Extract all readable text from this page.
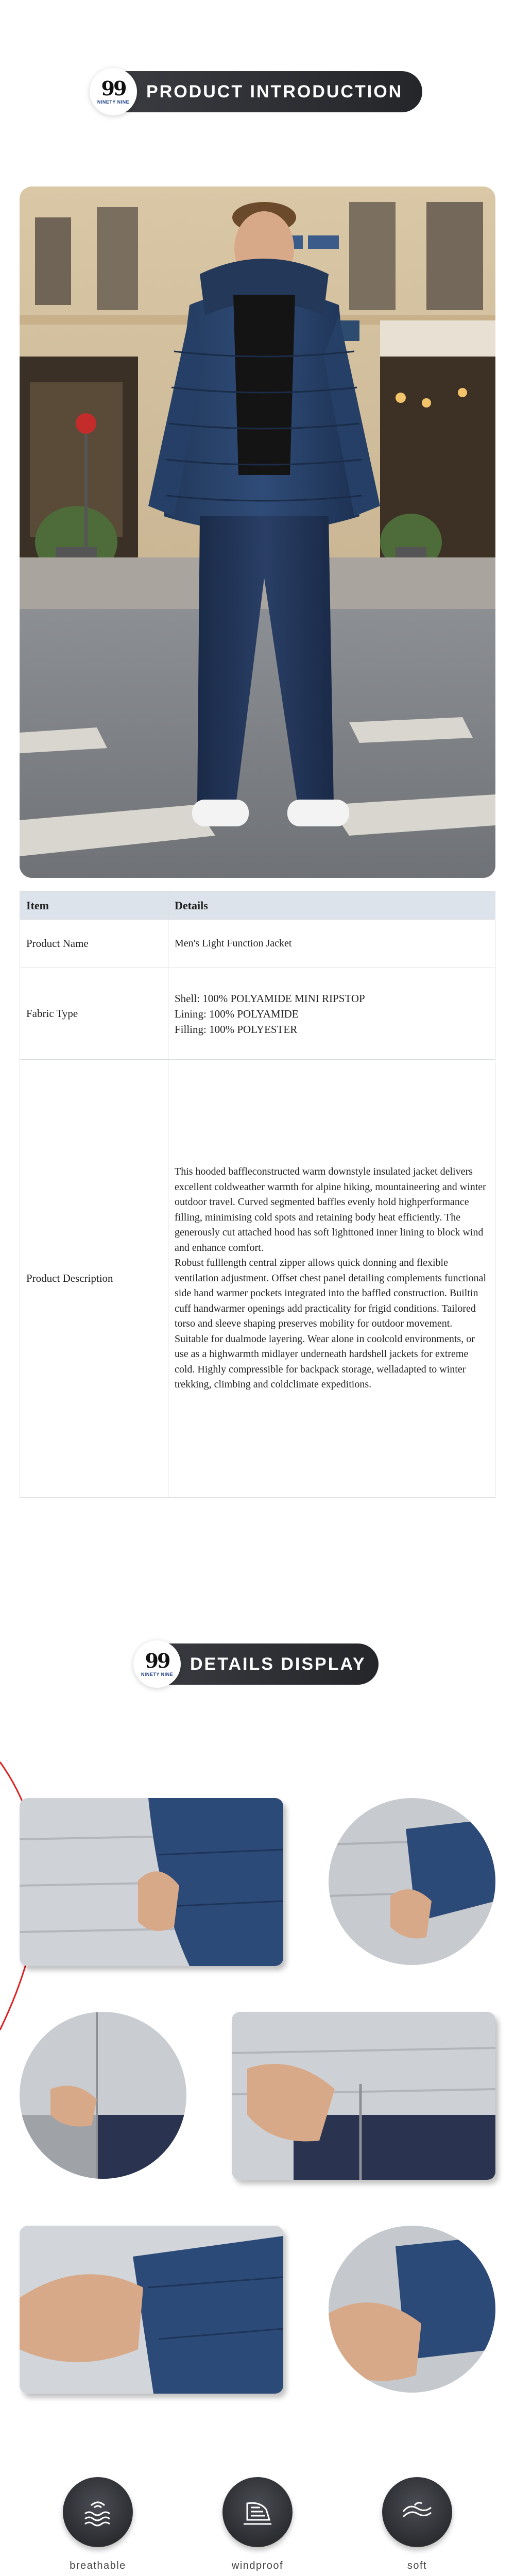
99
NINETY NINE
PRODUCT INTRODUCTION
Item	Details
Product Name	Men's Light Function Jacket
Fabric Type	Shell: 100% POLYAMIDE MINI RIPSTOP
Lining: 100% POLYAMIDE
Filling: 100% POLYESTER

Product Description	This hooded baffleconstructed warm downstyle insulated jacket delivers excellent coldweather warmth for alpine hiking, mountaineering and winter outdoor travel. Curved segmented baffles evenly hold highperformance filling, minimising cold spots and retaining body heat efficiently. The generously cut attached hood has soft lighttoned inner lining to block wind and enhance comfort.
Robust fulllength central zipper allows quick donning and flexible ventilation adjustment. Offset chest panel detailing complements functional side hand warmer pockets integrated into the baffled construction. Builtin cuff handwarmer openings add practicality for frigid conditions. Tailored torso and sleeve shaping preserves mobility for outdoor movement.
Suitable for dualmode layering. Wear alone in coolcold environments, or use as a highwarmth midlayer underneath hardshell jackets for extreme cold. Highly compressible for backpack storage, welladapted to winter trekking, climbing and coldclimate expeditions.
99
NINETY NINE
DETAILS DISPLAY
breathable	windproof	soft
